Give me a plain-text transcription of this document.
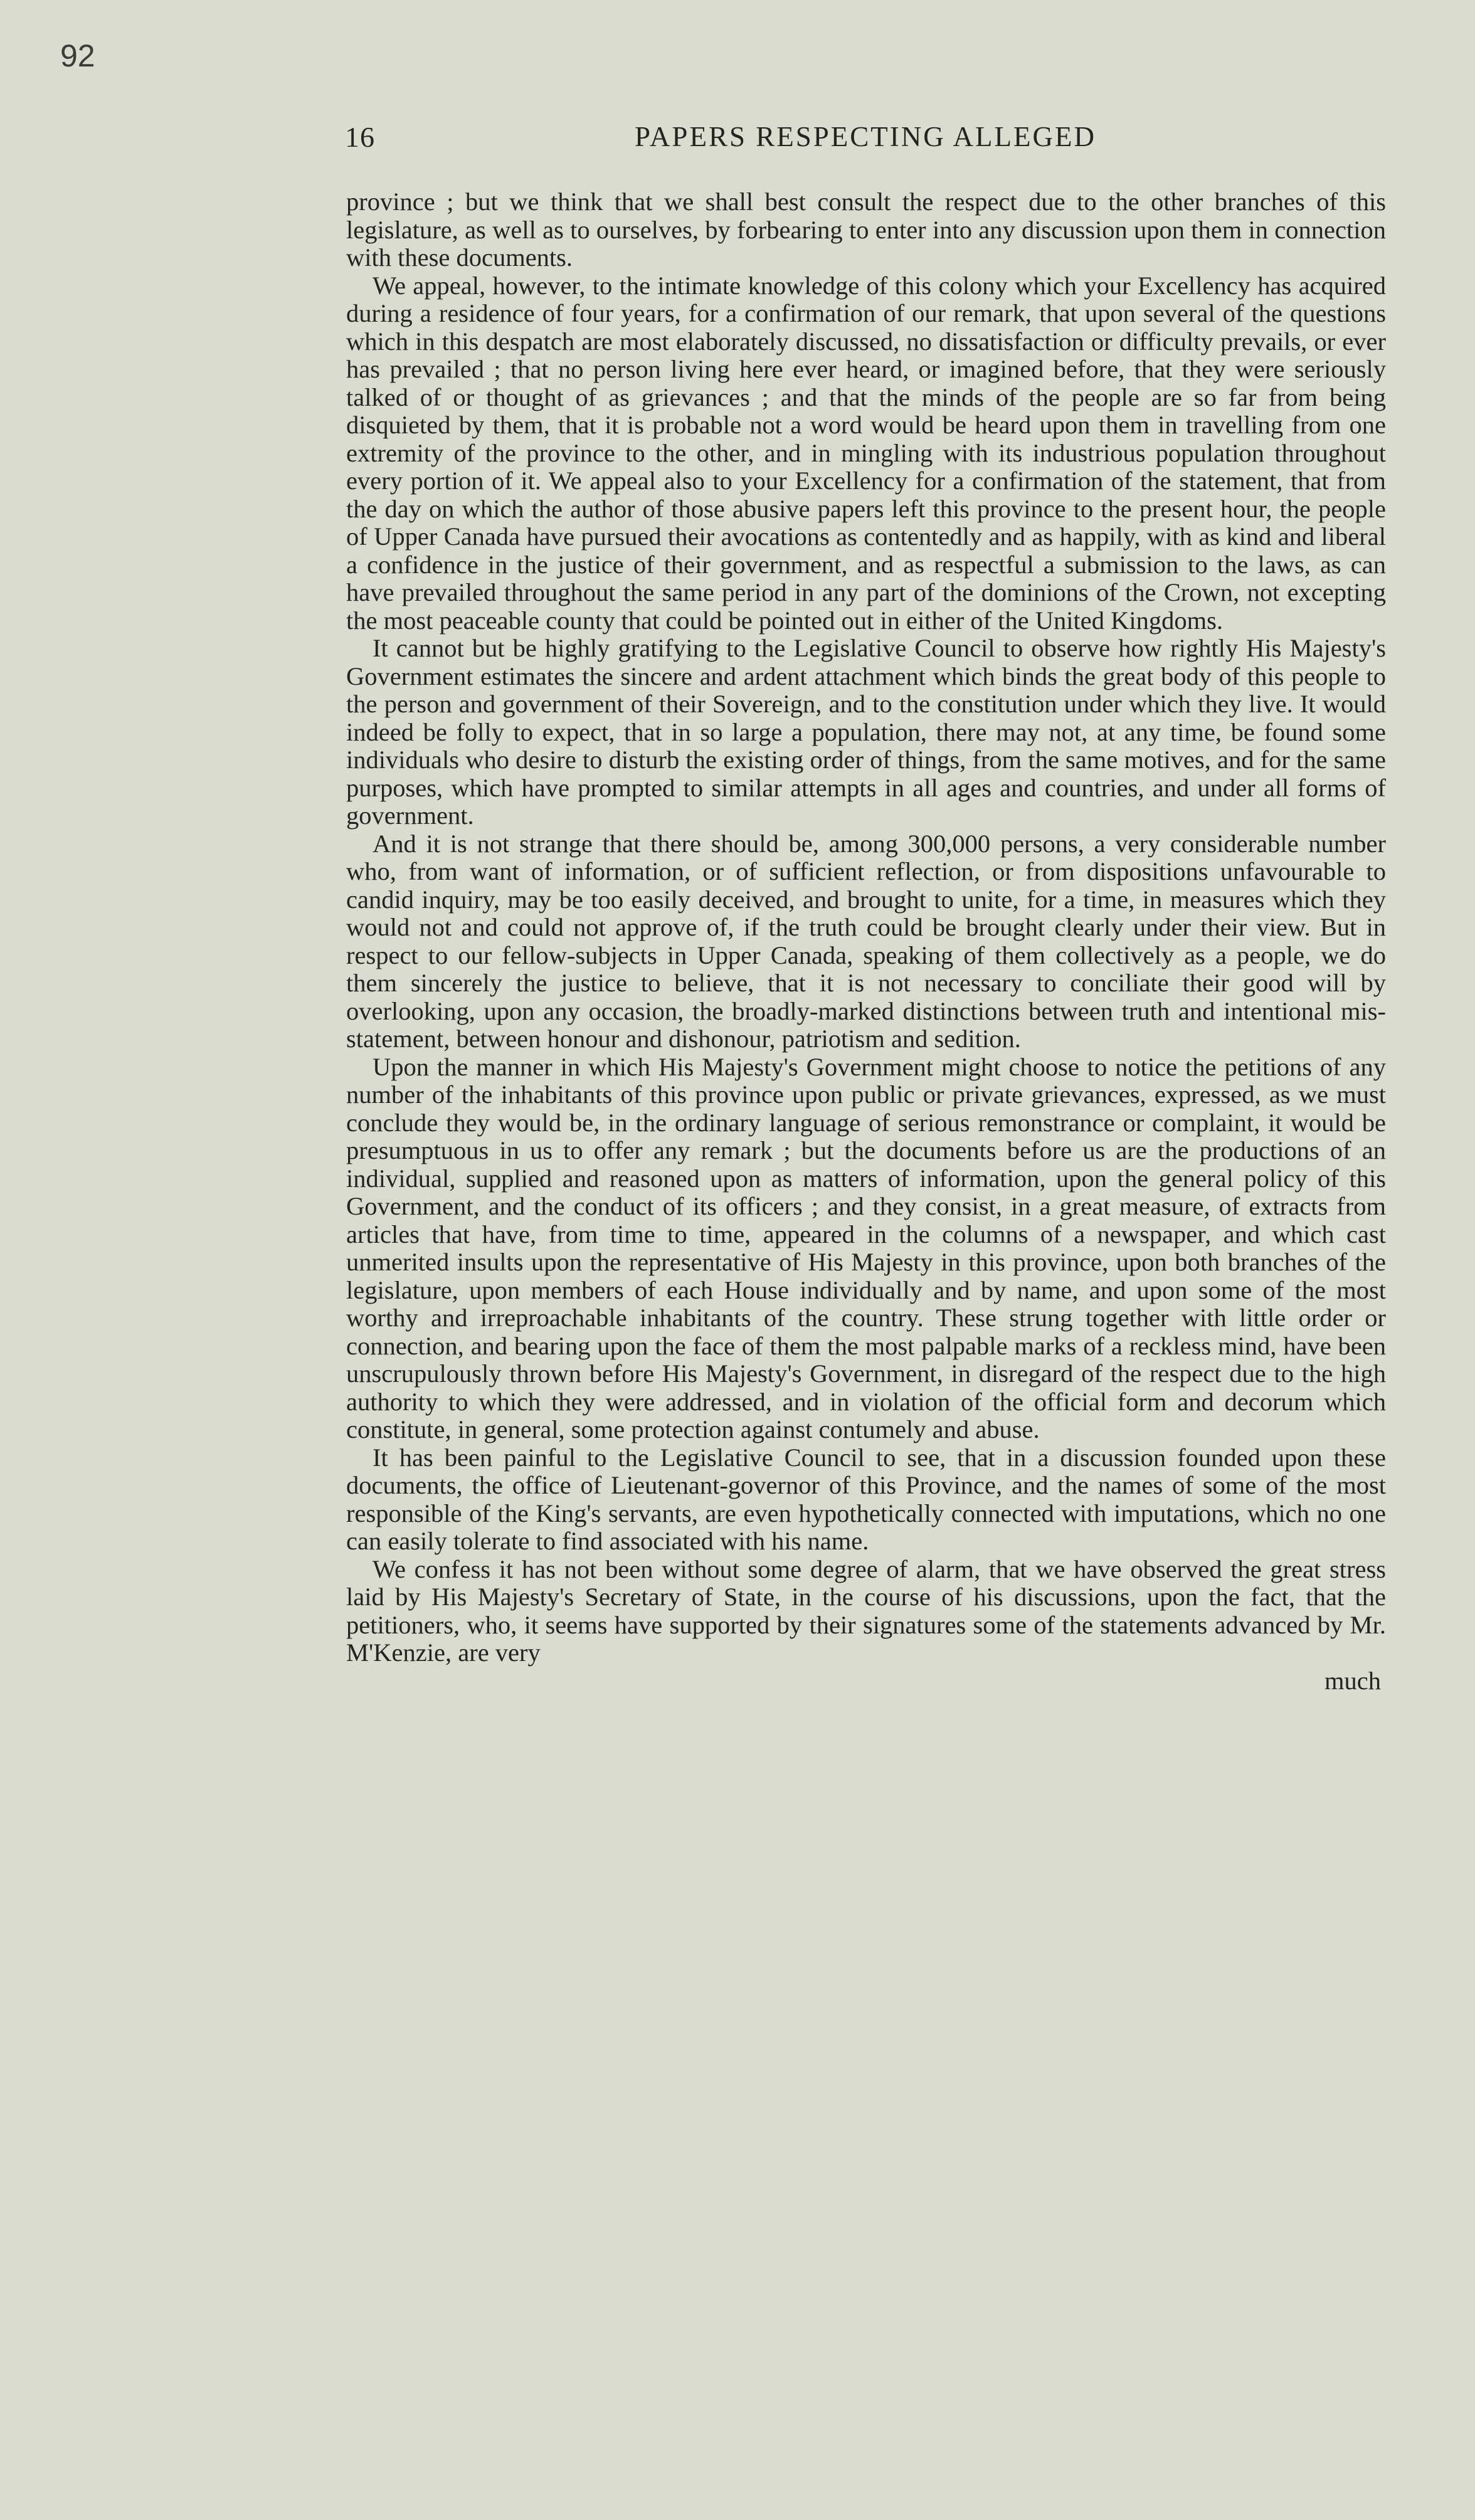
92
16	PAPERS RESPECTING ALLEGED

province ; but we think that we shall best consult the respect due to the other branches of this legislature, as well as to ourselves, by forbearing to enter into any discussion upon them in connection with these documents.

We appeal, however, to the intimate knowledge of this colony which your Excellency has acquired during a residence of four years, for a confirmation of our remark, that upon several of the questions which in this despatch are most elaborately discussed, no dissatisfaction or difficulty prevails, or ever has prevailed ; that no person living here ever heard, or imagined before, that they were seriously talked of or thought of as grievances ; and that the minds of the people are so far from being disquieted by them, that it is probable not a word would be heard upon them in travelling from one extremity of the province to the other, and in mingling with its industrious population throughout every portion of it. We appeal also to your Excellency for a confirmation of the statement, that from the day on which the author of those abusive papers left this province to the present hour, the people of Upper Canada have pursued their avocations as contentedly and as happily, with as kind and liberal a confidence in the justice of their government, and as respectful a submission to the laws, as can have prevailed throughout the same period in any part of the dominions of the Crown, not excepting the most peaceable county that could be pointed out in either of the United Kingdoms.

It cannot but be highly gratifying to the Legislative Council to observe how rightly His Majesty's Government estimates the sincere and ardent attachment which binds the great body of this people to the person and government of their Sovereign, and to the constitution under which they live. It would indeed be folly to expect, that in so large a population, there may not, at any time, be found some individuals who desire to disturb the existing order of things, from the same motives, and for the same purposes, which have prompted to similar attempts in all ages and countries, and under all forms of government.

And it is not strange that there should be, among 300,000 persons, a very considerable number who, from want of information, or of sufficient reflection, or from dispositions unfavourable to candid inquiry, may be too easily deceived, and brought to unite, for a time, in measures which they would not and could not approve of, if the truth could be brought clearly under their view. But in respect to our fellow-subjects in Upper Canada, speaking of them collectively as a people, we do them sincerely the justice to believe, that it is not necessary to conciliate their good will by overlooking, upon any occasion, the broadly-marked distinctions between truth and intentional mis-statement, between honour and dishonour, patriotism and sedition.

Upon the manner in which His Majesty's Government might choose to notice the petitions of any number of the inhabitants of this province upon public or private grievances, expressed, as we must conclude they would be, in the ordinary language of serious remonstrance or complaint, it would be presumptuous in us to offer any remark ; but the documents before us are the productions of an individual, supplied and reasoned upon as matters of information, upon the general policy of this Government, and the conduct of its officers ; and they consist, in a great measure, of extracts from articles that have, from time to time, appeared in the columns of a newspaper, and which cast unmerited insults upon the representative of His Majesty in this province, upon both branches of the legislature, upon members of each House individually and by name, and upon some of the most worthy and irreproachable inhabitants of the country. These strung together with little order or connection, and bearing upon the face of them the most palpable marks of a reckless mind, have been unscrupulously thrown before His Majesty's Government, in disregard of the respect due to the high authority to which they were addressed, and in violation of the official form and decorum which constitute, in general, some protection against contumely and abuse.

It has been painful to the Legislative Council to see, that in a discussion founded upon these documents, the office of Lieutenant-governor of this Province, and the names of some of the most responsible of the King's servants, are even hypothetically connected with imputations, which no one can easily tolerate to find associated with his name.

We confess it has not been without some degree of alarm, that we have observed the great stress laid by His Majesty's Secretary of State, in the course of his discussions, upon the fact, that the petitioners, who, it seems have supported by their signatures some of the statements advanced by Mr. M'Kenzie, are very

much
